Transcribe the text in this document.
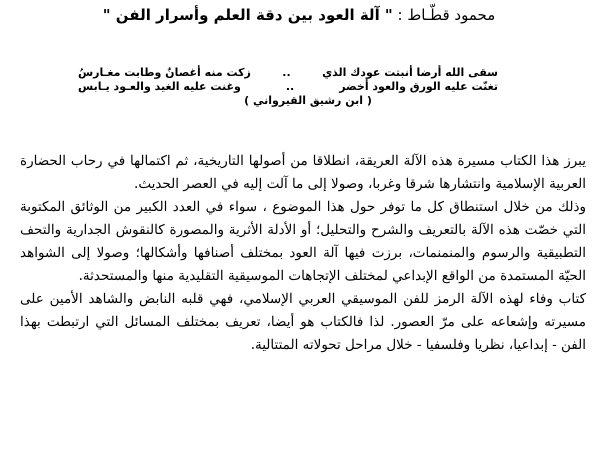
محمود قطّـاط : " آلة العود بين دقة العلم وأسرار الفن "
سقى الله أرضا أنبتت عودك الذي
..
زكت منه أغصانٌ وطابت مغـارسُ
تغنّت عليه الورق والعود أخضر
..
وغنت عليه الغيد والعـود يـابس
( ابن رشيق القيرواني )

يبرز هذا الكتاب مسيرة هذه الآلة العريقة، انطلاقا من أصولها التاريخية، ثم اكتمالها في رحاب الحضارة العربية الإسلامية وانتشارها شرقا وغربا، وصولا إلى ما آلت إليه في العصر الحديث.

وذلك من خلال استنطاق كل ما توفر حول هذا الموضوع ، سواء في العدد الكبير من الوثائق المكتوبة التي خصّت هذه الآلة بالتعريف والشرح والتحليل؛ أو الأدلة الأثرية والمصورة كالنقوش الجدارية والتحف التطبيقية والرسوم والمنمنمات، برزت فيها آلة العود بمختلف أصنافها وأشكالها؛ وصولا إلى الشواهد الحيّة المستمدة من الواقع الإبداعي لمختلف الإتجاهات الموسيقية التقليدية منها والمستحدثة.

كتاب وفاء لهذه الآلة الرمز للفن الموسيقي العربي الإسلامي، فهي قلبه النابض والشاهد الأمين على مسيرته وإشعاعه على مرّ العصور. لذا فالكتاب هو أيضا، تعريف بمختلف المسائل التي ارتبطت بهذا الفن - إبداعيا، نظريا وفلسفيا - خلال مراحل تحولاته المتتالية.
